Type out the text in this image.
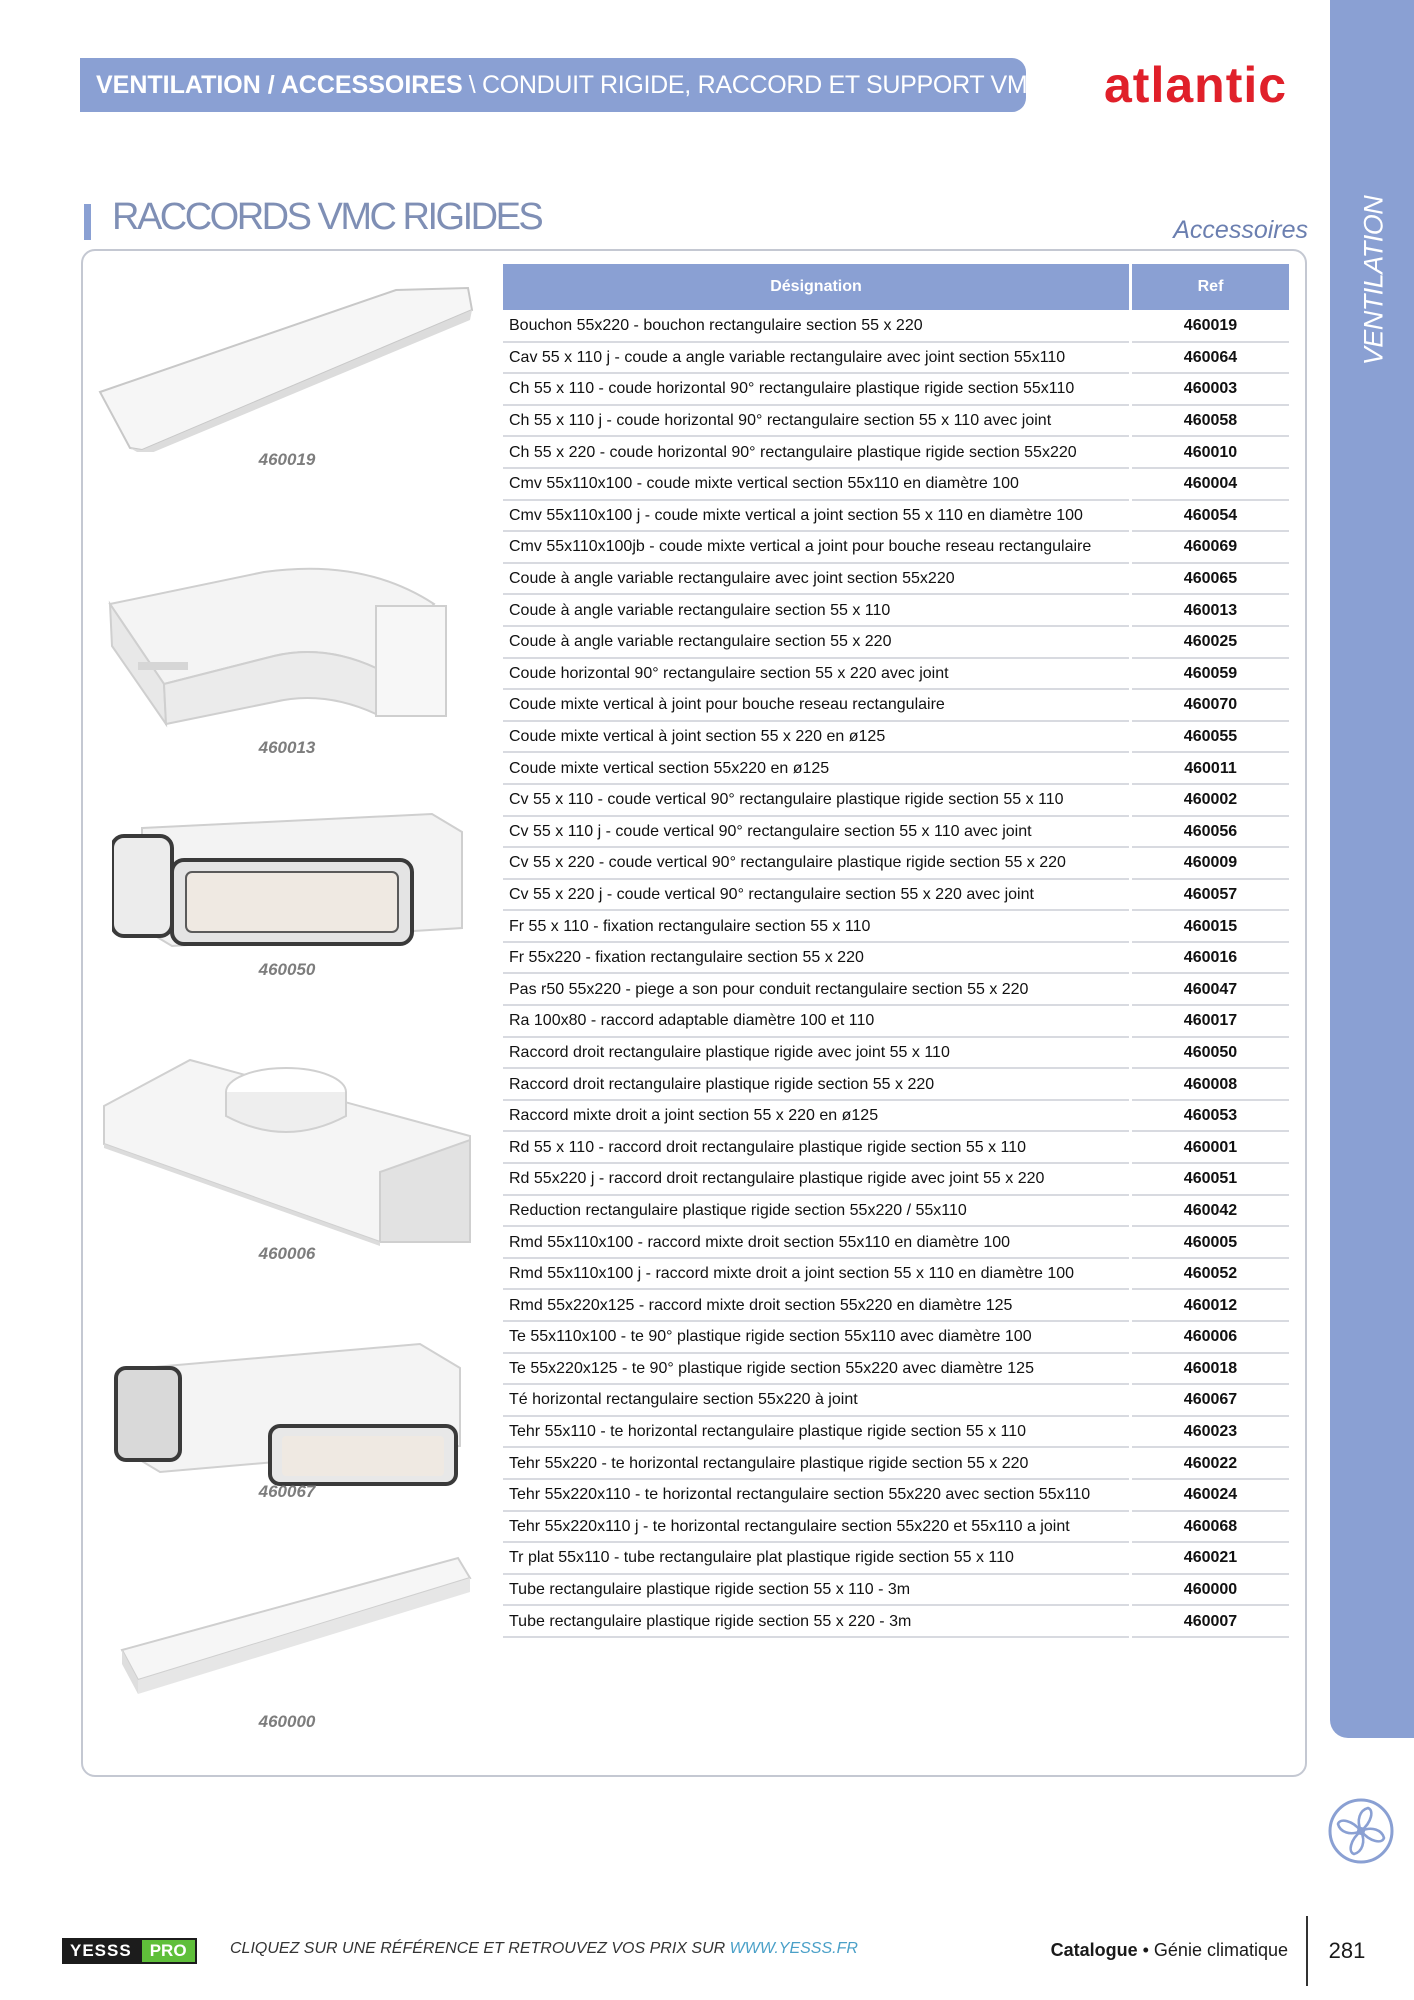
VENTILATION / ACCESSOIRES \ CONDUIT RIGIDE, RACCORD ET SUPPORT VMC atlantic
VENTILATION
RACCORDS VMC RIGIDES	Accessoires
460019
460013
460050
460006
460067
460000
Désignation	Ref
Bouchon 55x220 - bouchon rectangulaire section 55 x 220	460019
Cav 55 x 110 j - coude a angle variable rectangulaire avec joint section 55x110	460064
Ch 55 x 110 - coude horizontal 90° rectangulaire plastique rigide section 55x110	460003
Ch 55 x 110 j - coude horizontal 90° rectangulaire section 55 x 110 avec joint	460058
Ch 55 x 220 - coude horizontal 90° rectangulaire plastique rigide section 55x220	460010
Cmv 55x110x100 - coude mixte vertical section 55x110 en diamètre 100	460004
Cmv 55x110x100 j - coude mixte vertical a joint section 55 x 110 en diamètre 100	460054
Cmv 55x110x100jb - coude mixte vertical a joint pour bouche reseau rectangulaire	460069
Coude à angle variable rectangulaire avec joint section 55x220	460065
Coude à angle variable rectangulaire section 55 x 110	460013
Coude à angle variable rectangulaire section 55 x 220	460025
Coude horizontal 90° rectangulaire section 55 x 220 avec joint	460059
Coude mixte vertical à joint pour bouche reseau rectangulaire	460070
Coude mixte vertical à joint section 55 x 220 en ø125	460055
Coude mixte vertical section 55x220 en ø125	460011
Cv 55 x 110 - coude vertical 90° rectangulaire plastique rigide section 55 x 110	460002
Cv 55 x 110 j - coude vertical 90° rectangulaire section 55 x 110 avec joint	460056
Cv 55 x 220 - coude vertical 90° rectangulaire plastique rigide section 55 x 220	460009
Cv 55 x 220 j - coude vertical 90° rectangulaire section 55 x 220 avec joint	460057
Fr 55 x 110 - fixation rectangulaire section 55 x 110	460015
Fr 55x220 - fixation rectangulaire section 55 x 220	460016
Pas r50 55x220 - piege a son pour conduit rectangulaire section 55 x 220	460047
Ra 100x80 - raccord adaptable diamètre 100 et 110	460017
Raccord droit rectangulaire plastique rigide avec joint 55 x 110	460050
Raccord droit rectangulaire plastique rigide section 55 x 220	460008
Raccord mixte droit a joint section 55 x 220 en ø125	460053
Rd 55 x 110 - raccord droit rectangulaire plastique rigide section 55 x 110	460001
Rd 55x220 j - raccord droit rectangulaire plastique rigide avec joint 55 x 220	460051
Reduction rectangulaire plastique rigide section 55x220 / 55x110	460042
Rmd 55x110x100 - raccord mixte droit section 55x110 en diamètre 100	460005
Rmd 55x110x100 j - raccord mixte droit a joint section 55 x 110 en diamètre 100	460052
Rmd 55x220x125 - raccord mixte droit section 55x220 en diamètre 125	460012
Te 55x110x100 - te 90° plastique rigide section 55x110 avec diamètre 100	460006
Te 55x220x125 - te 90° plastique rigide section 55x220 avec diamètre 125	460018
Té horizontal rectangulaire section 55x220 à joint	460067
Tehr 55x110 - te horizontal rectangulaire plastique rigide section 55 x 110	460023
Tehr 55x220 - te horizontal rectangulaire plastique rigide section 55 x 220	460022
Tehr 55x220x110 - te horizontal rectangulaire section 55x220 avec section 55x110	460024
Tehr 55x220x110 j - te horizontal rectangulaire section 55x220 et 55x110 a joint	460068
Tr plat 55x110 - tube rectangulaire plat plastique rigide section 55 x 110	460021
Tube rectangulaire plastique rigide section 55 x 110 - 3m	460000
Tube rectangulaire plastique rigide section 55 x 220 - 3m	460007
YESSS	PRO	CLIQUEZ SUR UNE RÉFÉRENCE ET RETROUVEZ VOS PRIX SUR WWW.YESSS.FR	Catalogue • Génie climatique	281
